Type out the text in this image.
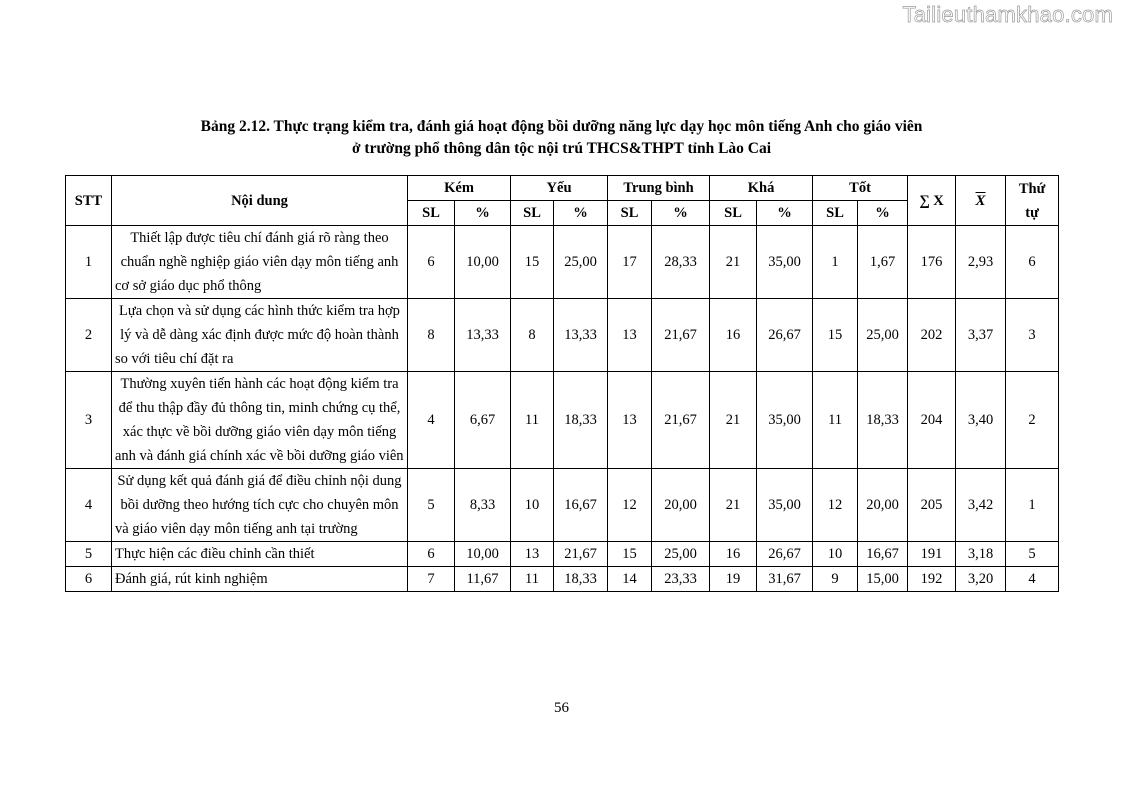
Tailieuthamkhao.com
Bảng 2.12. Thực trạng kiểm tra, đánh giá hoạt động bồi dưỡng năng lực dạy học môn tiếng Anh cho giáo viên
ở trường phổ thông dân tộc nội trú THCS&THPT tỉnh Lào Cai
STT	Nội dung	Kém		Yếu		Trung bình		Khá		Tốt		∑ X	$\overline{X}$	Thứ
tự

		SL	%	SL	%	SL	%	SL	%	SL	%			
1	Thiết lập được tiêu chí đánh giá rõ ràng theo chuẩn nghề nghiệp giáo viên dạy môn tiếng anh cơ sở giáo dục phổ thông	6	10,00	15	25,00	17	28,33	21	35,00	1	1,67	176	2,93	6
2	Lựa chọn và sử dụng các hình thức kiểm tra hợp lý và dễ dàng xác định được mức độ hoàn thành so với tiêu chí đặt ra	8	13,33	8	13,33	13	21,67	16	26,67	15	25,00	202	3,37	3
3	Thường xuyên tiến hành các hoạt động kiểm tra để thu thập đầy đủ thông tin, minh chứng cụ thể, xác thực về bồi dưỡng giáo viên dạy môn tiếng anh và đánh giá chính xác về bồi dưỡng giáo viên	4	6,67	11	18,33	13	21,67	21	35,00	11	18,33	204	3,40	2
4	Sử dụng kết quả đánh giá để điều chỉnh nội dung bồi dưỡng theo hướng tích cực cho chuyên môn và giáo viên dạy môn tiếng anh tại trường	5	8,33	10	16,67	12	20,00	21	35,00	12	20,00	205	3,42	1
5	Thực hiện các điều chỉnh cần thiết	6	10,00	13	21,67	15	25,00	16	26,67	10	16,67	191	3,18	5
6	Đánh giá, rút kinh nghiệm	7	11,67	11	18,33	14	23,33	19	31,67	9	15,00	192	3,20	4
56
